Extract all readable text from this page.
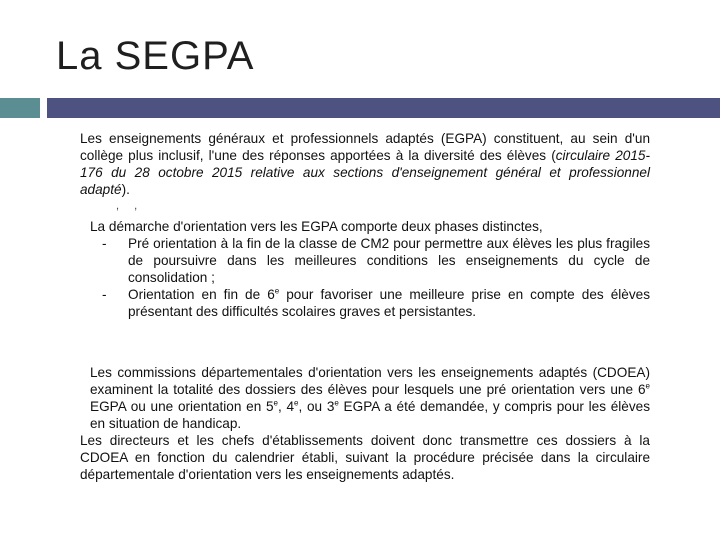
La SEGPA

Les enseignements généraux et professionnels adaptés (EGPA) constituent, au sein d'un collège plus inclusif, l'une des réponses apportées à la diversité des élèves (circulaire 2015-176 du 28 octobre 2015 relative aux sections d'enseignement général et professionnel adapté).

, ,
La démarche d'orientation vers les EGPA comporte deux phases distinctes,
- Pré orientation à la fin de la classe de CM2 pour permettre aux élèves les plus fragiles de poursuivre dans les meilleures conditions les enseignements du cycle de consolidation ;
- Orientation en fin de 6e pour favoriser une meilleure prise en compte des élèves présentant des difficultés scolaires graves et persistantes.

Les commissions départementales d'orientation vers les enseignements adaptés (CDOEA) examinent la totalité des dossiers des élèves pour lesquels une pré orientation vers une 6e EGPA ou une orientation en 5e, 4e, ou 3e EGPA a été demandée, y compris pour les élèves en situation de handicap.

Les directeurs et les chefs d'établissements doivent donc transmettre ces dossiers à la CDOEA en fonction du calendrier établi, suivant la procédure précisée dans la circulaire départementale d'orientation vers les enseignements adaptés.
